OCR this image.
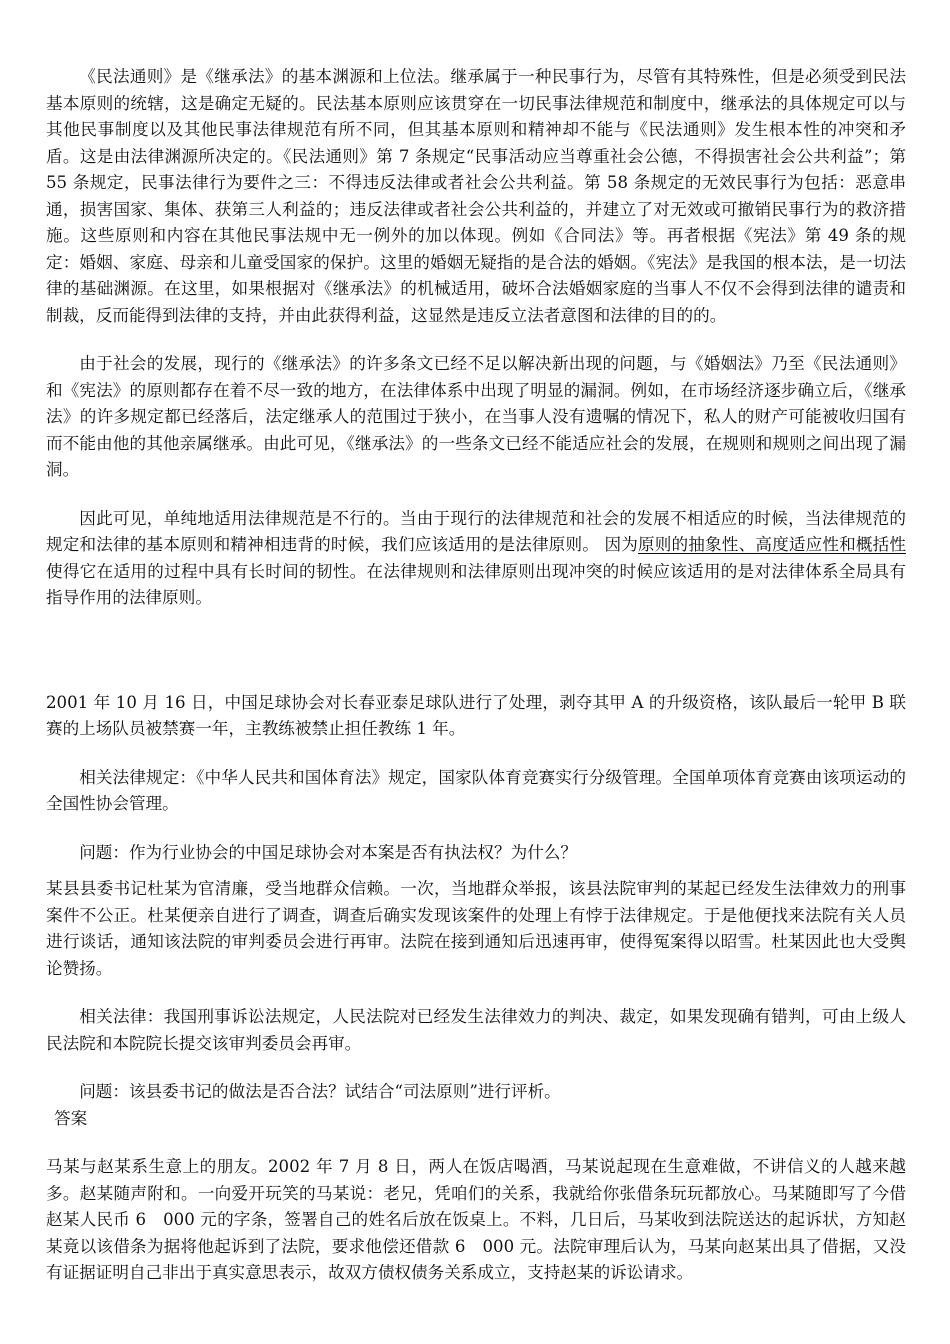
《民法通则》是《继承法》的基本渊源和上位法。继承属于一种民事行为，尽管有其特殊性，但是必须受到民法基本原则的统辖，这是确定无疑的。民法基本原则应该贯穿在一切民事法律规范和制度中，继承法的具体规定可以与其他民事制度以及其他民事法律规范有所不同，但其基本原则和精神却不能与《民法通则》发生根本性的冲突和矛盾。这是由法律渊源所决定的。《民法通则》第 7 条规定“民事活动应当尊重社会公德，不得损害社会公共利益”；第 55 条规定，民事法律行为要件之三：不得违反法律或者社会公共利益。第 58 条规定的无效民事行为包括：恶意串通，损害国家、集体、获第三人利益的；违反法律或者社会公共利益的，并建立了对无效或可撤销民事行为的救济措施。这些原则和内容在其他民事法规中无一例外的加以体现。例如《合同法》等。再者根据《宪法》第 49 条的规定：婚姻、家庭、母亲和儿童受国家的保护。这里的婚姻无疑指的是合法的婚姻。《宪法》是我国的根本法，是一切法律的基础渊源。在这里，如果根据对《继承法》的机械适用，破坏合法婚姻家庭的当事人不仅不会得到法律的谴责和制裁，反而能得到法律的支持，并由此获得利益，这显然是违反立法者意图和法律的目的的。

由于社会的发展，现行的《继承法》的许多条文已经不足以解决新出现的问题，与《婚姻法》乃至《民法通则》和《宪法》的原则都存在着不尽一致的地方，在法律体系中出现了明显的漏洞。例如，在市场经济逐步确立后，《继承法》的许多规定都已经落后，法定继承人的范围过于狭小，在当事人没有遗嘱的情况下，私人的财产可能被收归国有而不能由他的其他亲属继承。由此可见，《继承法》的一些条文已经不能适应社会的发展，在规则和规则之间出现了漏洞。

因此可见，单纯地适用法律规范是不行的。当由于现行的法律规范和社会的发展不相适应的时候，当法律规范的规定和法律的基本原则和精神相违背的时候，我们应该适用的是法律原则。 因为原则的抽象性、高度适应性和概括性使得它在适用的过程中具有长时间的韧性。在法律规则和法律原则出现冲突的时候应该适用的是对法律体系全局具有指导作用的法律原则。

2001 年 10 月 16 日，中国足球协会对长春亚泰足球队进行了处理，剥夺其甲 A 的升级资格，该队最后一轮甲 B 联赛的上场队员被禁赛一年，主教练被禁止担任教练 1 年。

相关法律规定：《中华人民共和国体育法》规定，国家队体育竞赛实行分级管理。全国单项体育竞赛由该项运动的全国性协会管理。

问题：作为行业协会的中国足球协会对本案是否有执法权？为什么？

某县县委书记杜某为官清廉，受当地群众信赖。一次，当地群众举报，该县法院审判的某起已经发生法律效力的刑事案件不公正。杜某便亲自进行了调查，调查后确实发现该案件的处理上有悖于法律规定。于是他便找来法院有关人员进行谈话，通知该法院的审判委员会进行再审。法院在接到通知后迅速再审，使得冤案得以昭雪。杜某因此也大受舆论赞扬。

相关法律：我国刑事诉讼法规定，人民法院对已经发生法律效力的判决、裁定，如果发现确有错判，可由上级人民法院和本院院长提交该审判委员会再审。

问题：该县委书记的做法是否合法？试结合“司法原则”进行评析。

答案

马某与赵某系生意上的朋友。2002 年 7 月 8 日，两人在饭店喝酒，马某说起现在生意难做，不讲信义的人越来越多。赵某随声附和。一向爱开玩笑的马某说：老兄，凭咱们的关系，我就给你张借条玩玩都放心。马某随即写了今借赵某人民币 6　000 元的字条，签署自己的姓名后放在饭桌上。不料，几日后，马某收到法院送达的起诉状，方知赵某竟以该借条为据将他起诉到了法院，要求他偿还借款 6　000 元。法院审理后认为，马某向赵某出具了借据，又没有证据证明自己非出于真实意思表示，故双方债权债务关系成立，支持赵某的诉讼请求。
